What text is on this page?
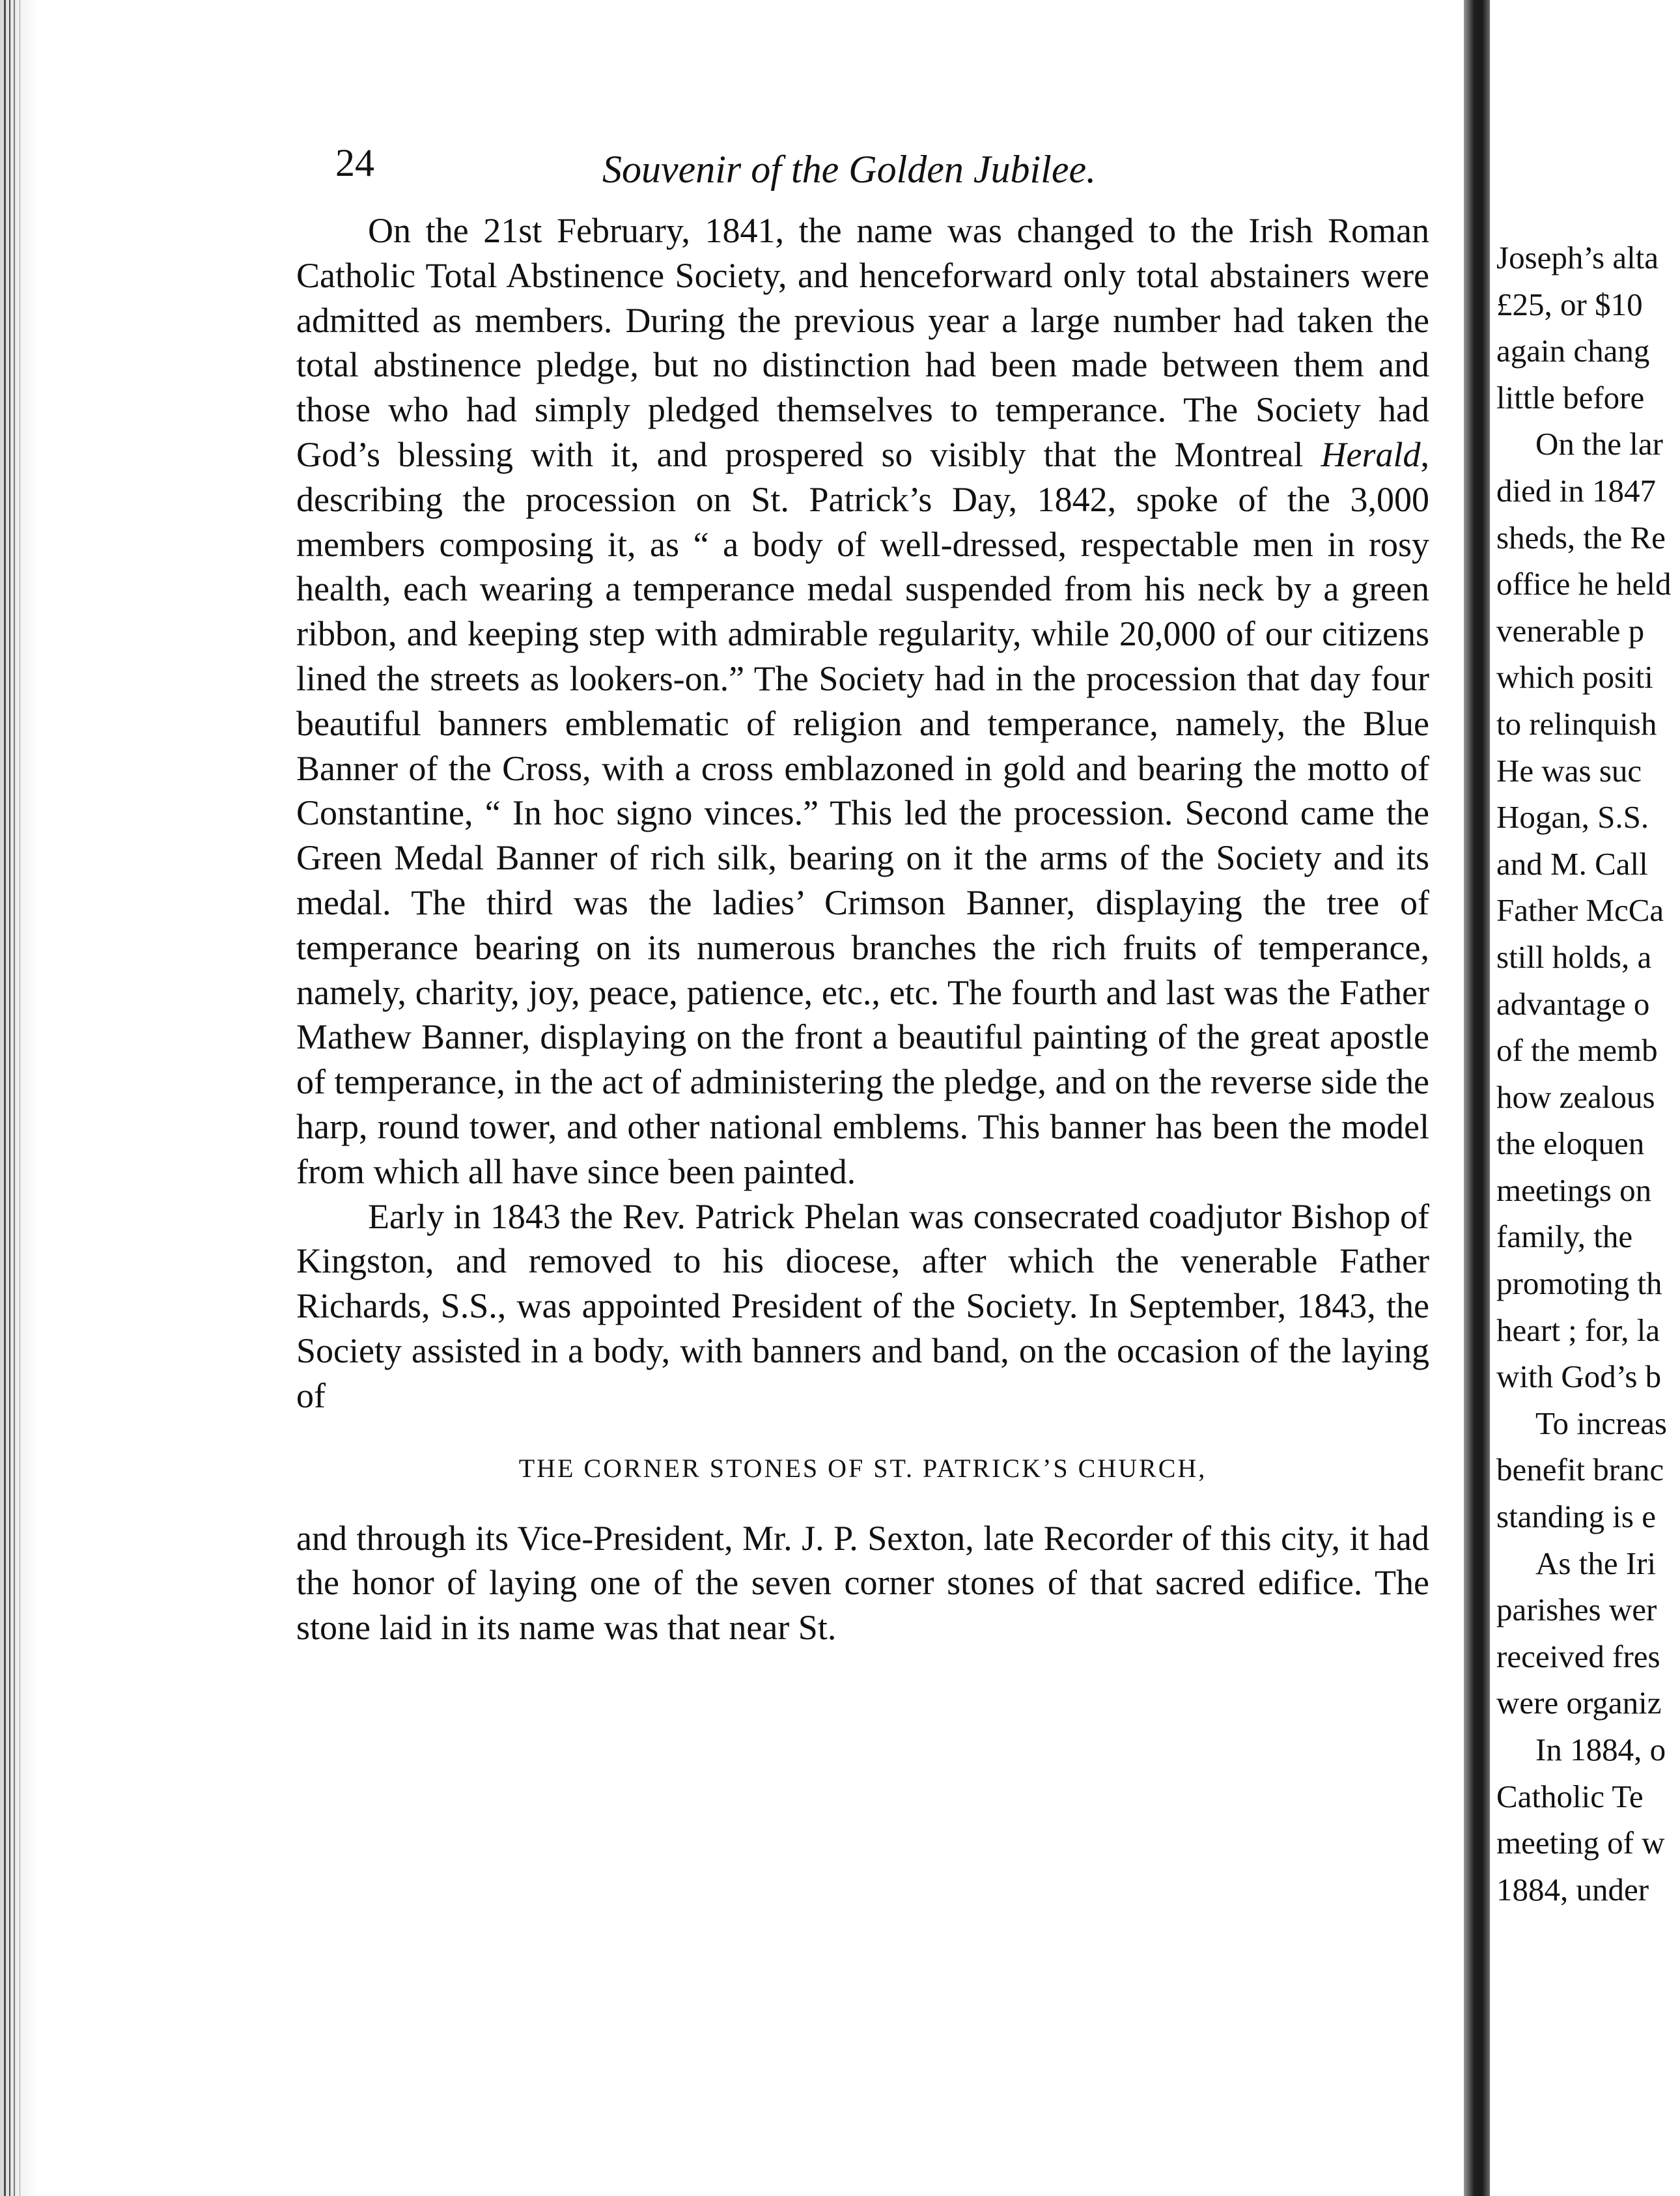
24	Souvenir of the Golden Jubilee.

On the 21st February, 1841, the name was changed to the Irish Roman Catholic Total Abstinence Society, and henceforward only total abstainers were admitted as members. During the previous year a large number had taken the total abstinence pledge, but no distinction had been made between them and those who had simply pledged themselves to temperance. The Society had God’s blessing with it, and prospered so visibly that the Montreal Herald, describing the procession on St. Patrick’s Day, 1842, spoke of the 3,000 members composing it, as “ a body of well-dressed, respectable men in rosy health, each wearing a temperance medal suspended from his neck by a green ribbon, and keeping step with admirable regularity, while 20,000 of our citizens lined the streets as lookers-on.” The Society had in the procession that day four beautiful banners emblematic of religion and temperance, namely, the Blue Banner of the Cross, with a cross emblazoned in gold and bearing the motto of Constantine, “ In hoc signo vinces.” This led the procession. Second came the Green Medal Banner of rich silk, bearing on it the arms of the Society and its medal. The third was the ladies’ Crimson Banner, displaying the tree of temperance bearing on its numerous branches the rich fruits of temperance, namely, charity, joy, peace, patience, etc., etc. The fourth and last was the Father Mathew Banner, displaying on the front a beautiful painting of the great apostle of temperance, in the act of administering the pledge, and on the reverse side the harp, round tower, and other national emblems. This banner has been the model from which all have since been painted.

Early in 1843 the Rev. Patrick Phelan was consecrated coadjutor Bishop of Kingston, and removed to his diocese, after which the venerable Father Richards, S.S., was appointed President of the Society. In September, 1843, the Society assisted in a body, with banners and band, on the occasion of the laying of

THE CORNER STONES OF ST. PATRICK’S CHURCH,

and through its Vice-President, Mr. J. P. Sexton, late Recorder of this city, it had the honor of laying one of the seven corner stones of that sacred edifice. The stone laid in its name was that near St.

Joseph’s alta
£25, or $10
again chang
little before
On the lar
died in 1847
sheds, the Re
office he held
venerable p
which positi
to relinquish
He was suc
Hogan, S.S.
and M. Call
Father McCa
still holds, a
advantage o
of the memb
how zealous
the eloquen
meetings on
family, the
promoting th
heart ; for, la
with God’s b
To increas
benefit branc
standing is e
As the Iri
parishes wer
received fres
were organiz
In 1884, o
Catholic Te
meeting of w
1884, under
